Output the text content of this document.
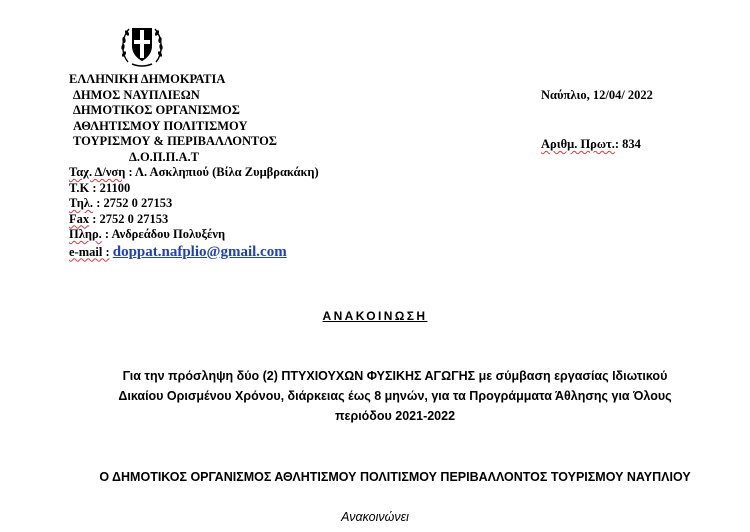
ΕΛΛΗΝΙΚΗ ΔΗΜΟΚΡΑΤΙΑ
ΔΗΜΟΣ ΝΑΥΠΛΙΕΩΝ
ΔΗΜΟΤΙΚΟΣ ΟΡΓΑΝΙΣΜΟΣ
ΑΘΛΗΤΙΣΜΟΥ ΠΟΛΙΤΙΣΜΟΥ
ΤΟΥΡΙΣΜΟΥ & ΠΕΡΙΒΑΛΛΟΝΤΟΣ
Δ.Ο.Π.Π.Α.Τ
Ταχ. Δ/νση : Λ. Ασκληπιού (Βίλα Ζυμβρακάκη)
Τ.Κ : 21100
Τηλ. : 2752 0 27153
Fax : 2752 0 27153
Πληρ. : Ανδρεάδου Πολυξένη
e-mail : doppat.nafplio@gmail.com
Ναύπλιο, 12/04/ 2022
Αριθμ. Πρωτ.: 834
ΑΝΑΚΟΙΝΩΣΗ
Για την πρόσληψη δύο (2) ΠΤΥΧΙΟΥΧΩΝ ΦΥΣΙΚΗΣ ΑΓΩΓΗΣ με σύμβαση εργασίας Ιδιωτικού
Δικαίου Ορισμένου Χρόνου, διάρκειας έως 8 μηνών, για τα Προγράμματα Άθλησης για Όλους
περιόδου 2021-2022
Ο ΔΗΜΟΤΙΚΟΣ ΟΡΓΑΝΙΣΜΟΣ ΑΘΛΗΤΙΣΜΟΥ ΠΟΛΙΤΙΣΜΟΥ ΠΕΡΙΒΑΛΛΟΝΤΟΣ ΤΟΥΡΙΣΜΟΥ ΝΑΥΠΛΙΟΥ
Ανακοινώνει
